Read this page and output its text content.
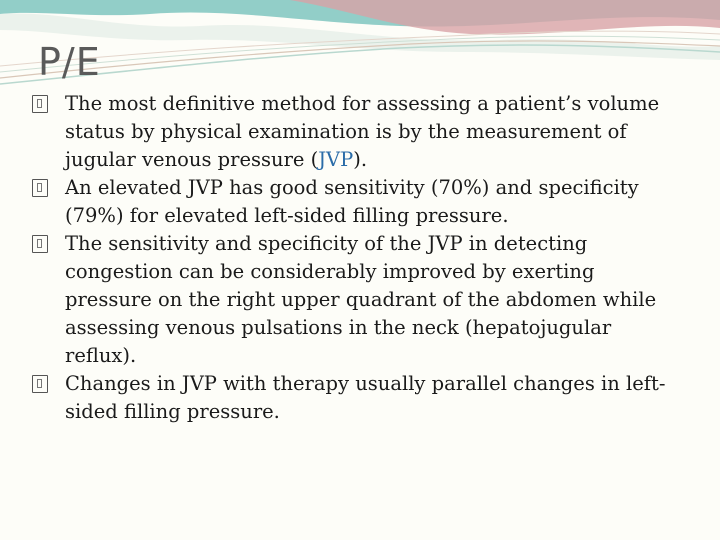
P/E
The most definitive method for assessing a patient’s volume status by physical examination is by the measurement of jugular venous pressure (JVP).
An elevated JVP has good sensitivity (70%) and specificity (79%) for elevated left-sided filling pressure.
The sensitivity and specificity of the JVP in detecting congestion can be considerably improved by exerting pressure on the right upper quadrant of the abdomen while assessing venous pulsations in the neck (hepatojugular reflux).
Changes in JVP with therapy usually parallel changes in left-sided filling pressure.
